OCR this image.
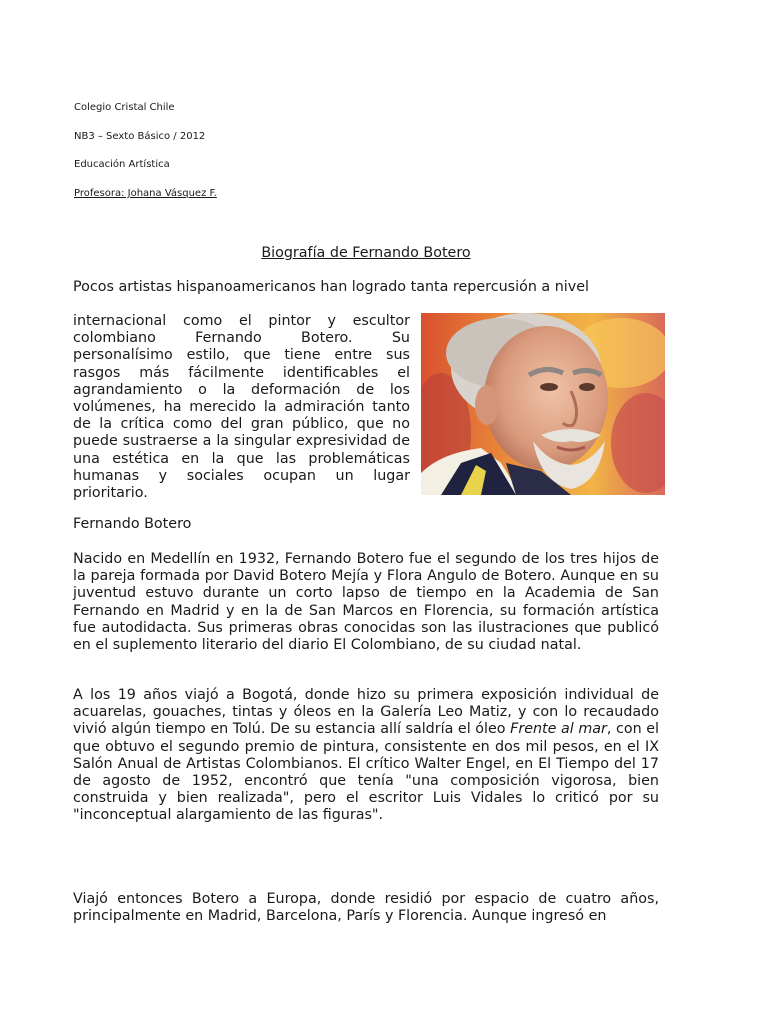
Colegio Cristal Chile
NB3 – Sexto Básico / 2012
Educación Artística
Profesora: Johana Vásquez F.
Biografía de Fernando Botero

Pocos artistas hispanoamericanos han logrado tanta repercusión a nivel

internacional como el pintor y escultor colombiano Fernando Botero. Su personalísimo estilo, que tiene entre sus rasgos más fácilmente identificables el agrandamiento o la deformación de los volúmenes, ha merecido la admiración tanto de la crítica como del gran público, que no puede sustraerse a la singular expresividad de una estética en la que las problemáticas humanas y sociales ocupan un lugar prioritario.

Fernando Botero

Nacido en Medellín en 1932, Fernando Botero fue el segundo de los tres hijos de la pareja formada por David Botero Mejía y Flora Angulo de Botero. Aunque en su juventud estuvo durante un corto lapso de tiempo en la Academia de San Fernando en Madrid y en la de San Marcos en Florencia, su formación artística fue autodidacta. Sus primeras obras conocidas son las ilustraciones que publicó en el suplemento literario del diario El Colombiano, de su ciudad natal.

A los 19 años viajó a Bogotá, donde hizo su primera exposición individual de acuarelas, gouaches, tintas y óleos en la Galería Leo Matiz, y con lo recaudado vivió algún tiempo en Tolú. De su estancia allí saldría el óleo Frente al mar, con el que obtuvo el segundo premio de pintura, consistente en dos mil pesos, en el IX Salón Anual de Artistas Colombianos. El crítico Walter Engel, en El Tiempo del 17 de agosto de 1952, encontró que tenía "una composición vigorosa, bien construida y bien realizada", pero el escritor Luis Vidales lo criticó por su "inconceptual alargamiento de las figuras".

Viajó entonces Botero a Europa, donde residió por espacio de cuatro años, principalmente en Madrid, Barcelona, París y Florencia. Aunque ingresó en
